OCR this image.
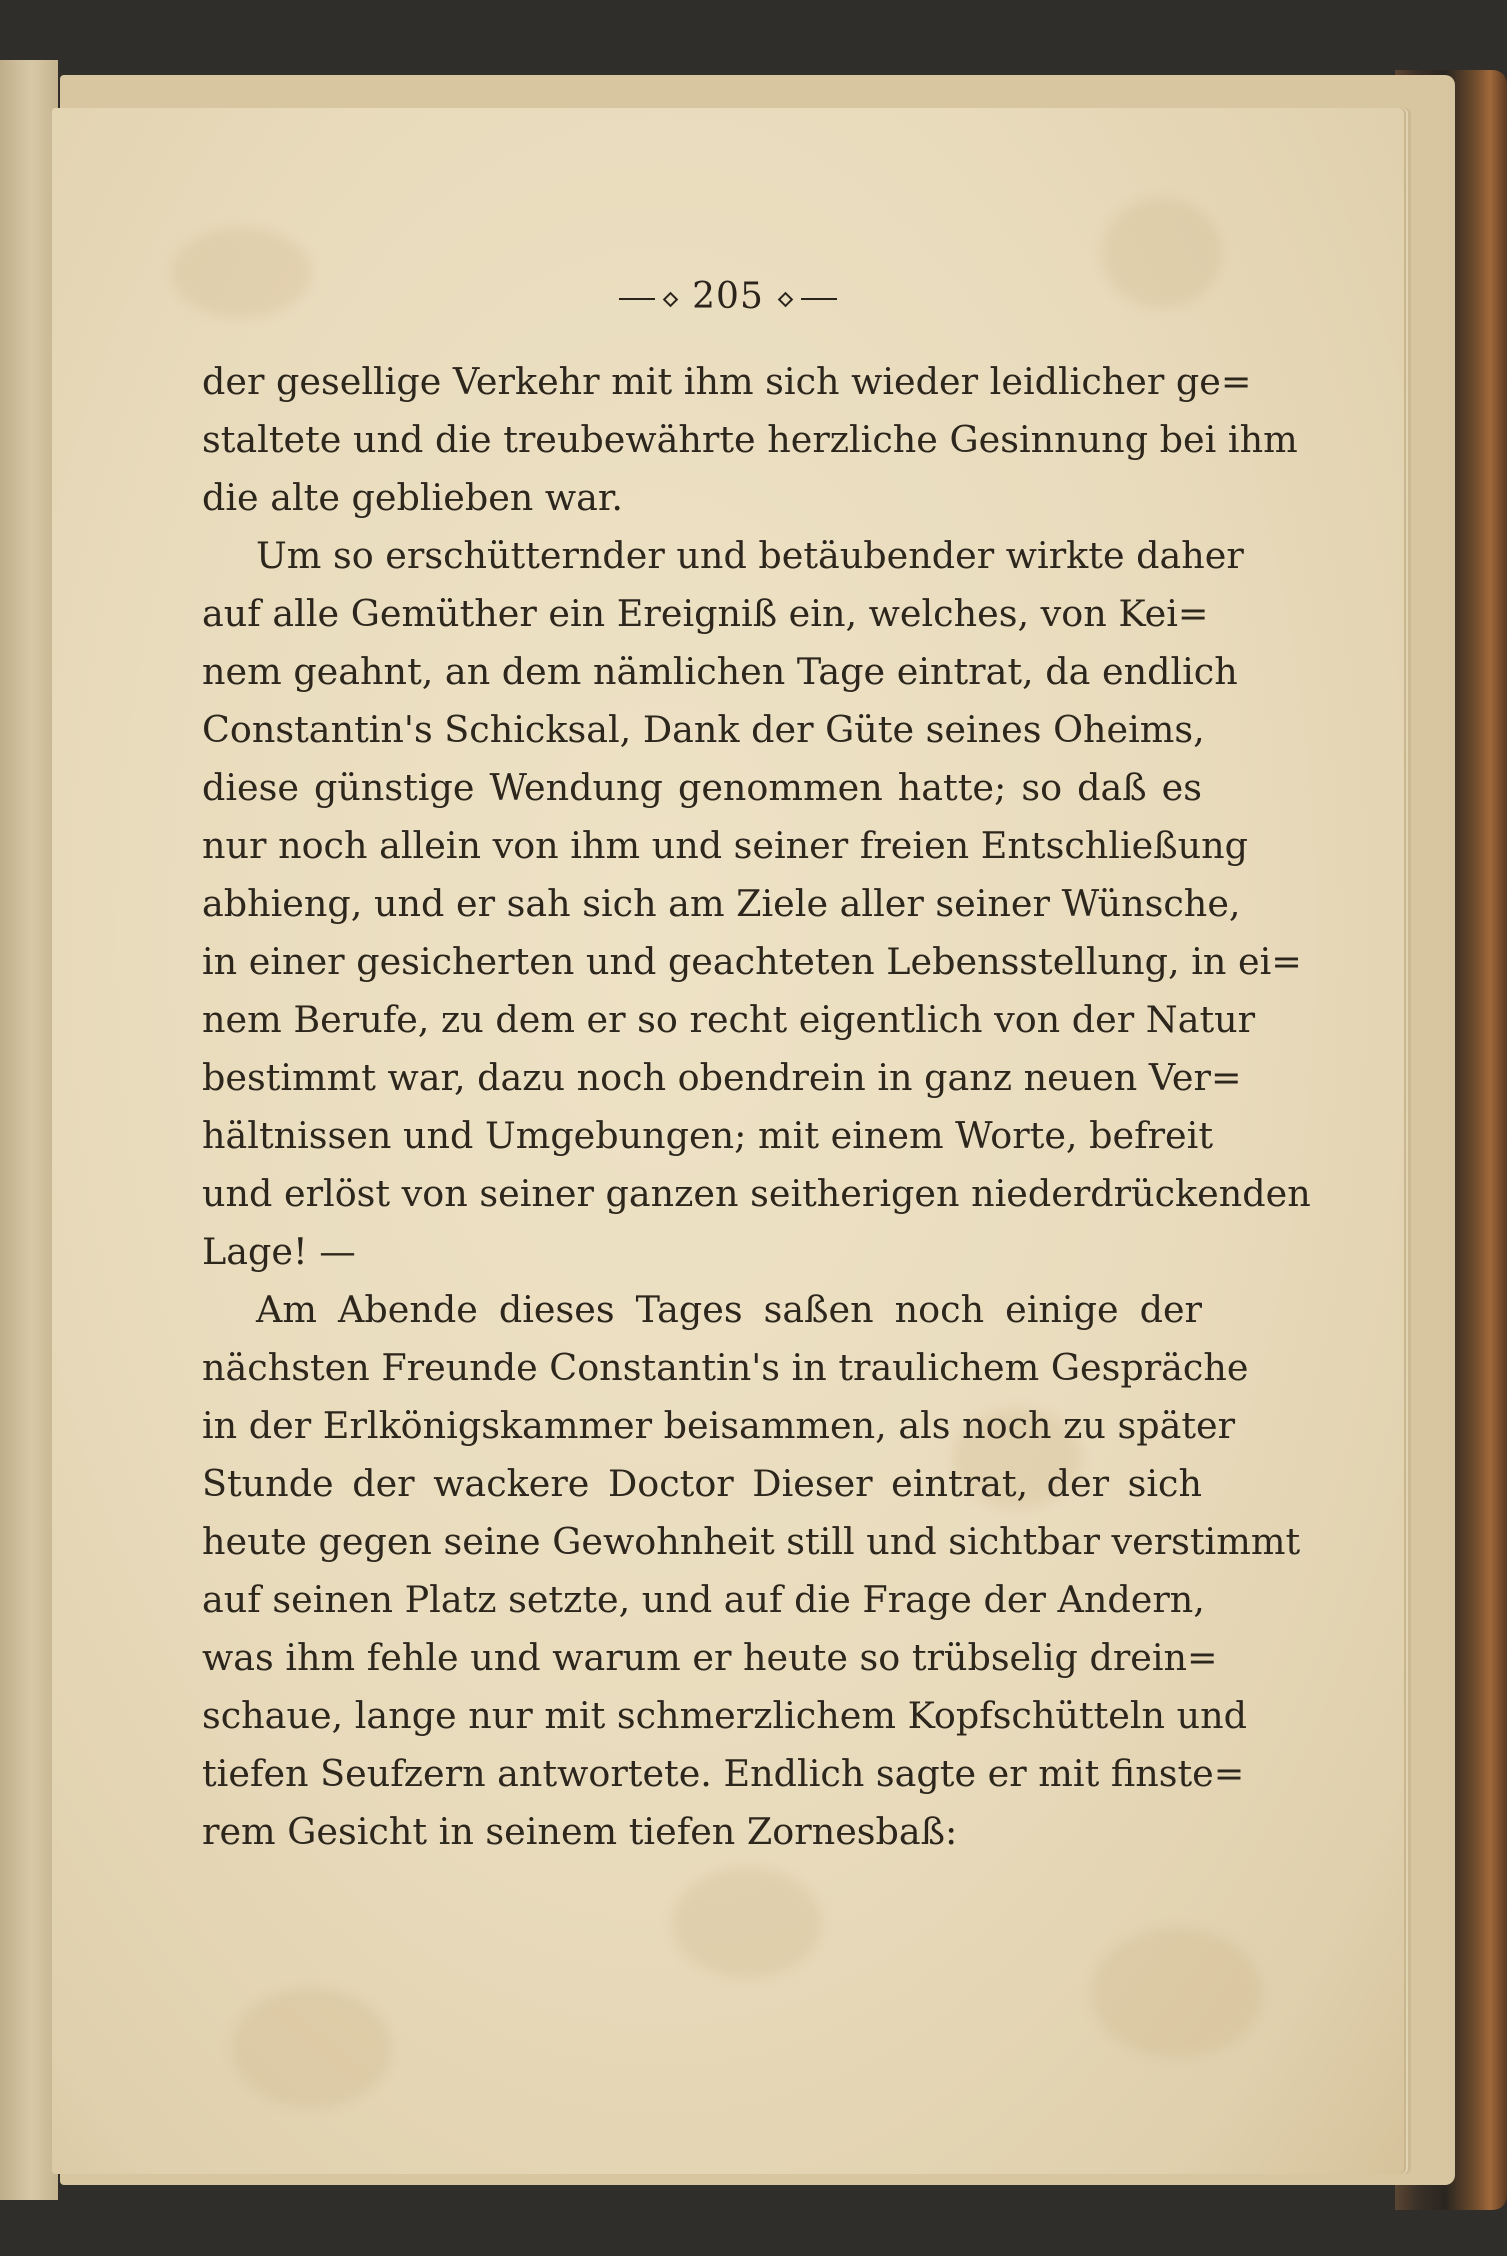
205
der gesellige Verkehr mit ihm sich wieder leidlicher ge=
staltete und die treubewährte herzliche Gesinnung bei ihm
die alte geblieben war.
Um so erschütternder und betäubender wirkte daher
auf alle Gemüther ein Ereigniß ein, welches, von Kei=
nem geahnt, an dem nämlichen Tage eintrat, da endlich
Constantin's Schicksal, Dank der Güte seines Oheims,
diese günstige Wendung genommen hatte; so daß es
nur noch allein von ihm und seiner freien Entschließung
abhieng, und er sah sich am Ziele aller seiner Wünsche,
in einer gesicherten und geachteten Lebensstellung, in ei=
nem Berufe, zu dem er so recht eigentlich von der Natur
bestimmt war, dazu noch obendrein in ganz neuen Ver=
hältnissen und Umgebungen; mit einem Worte, befreit
und erlöst von seiner ganzen seitherigen niederdrückenden
Lage! —
Am Abende dieses Tages saßen noch einige der
nächsten Freunde Constantin's in traulichem Gespräche
in der Erlkönigskammer beisammen, als noch zu später
Stunde der wackere Doctor Dieser eintrat, der sich
heute gegen seine Gewohnheit still und sichtbar verstimmt
auf seinen Platz setzte, und auf die Frage der Andern,
was ihm fehle und warum er heute so trübselig drein=
schaue, lange nur mit schmerzlichem Kopfschütteln und
tiefen Seufzern antwortete. Endlich sagte er mit finste=
rem Gesicht in seinem tiefen Zornesbaß:
